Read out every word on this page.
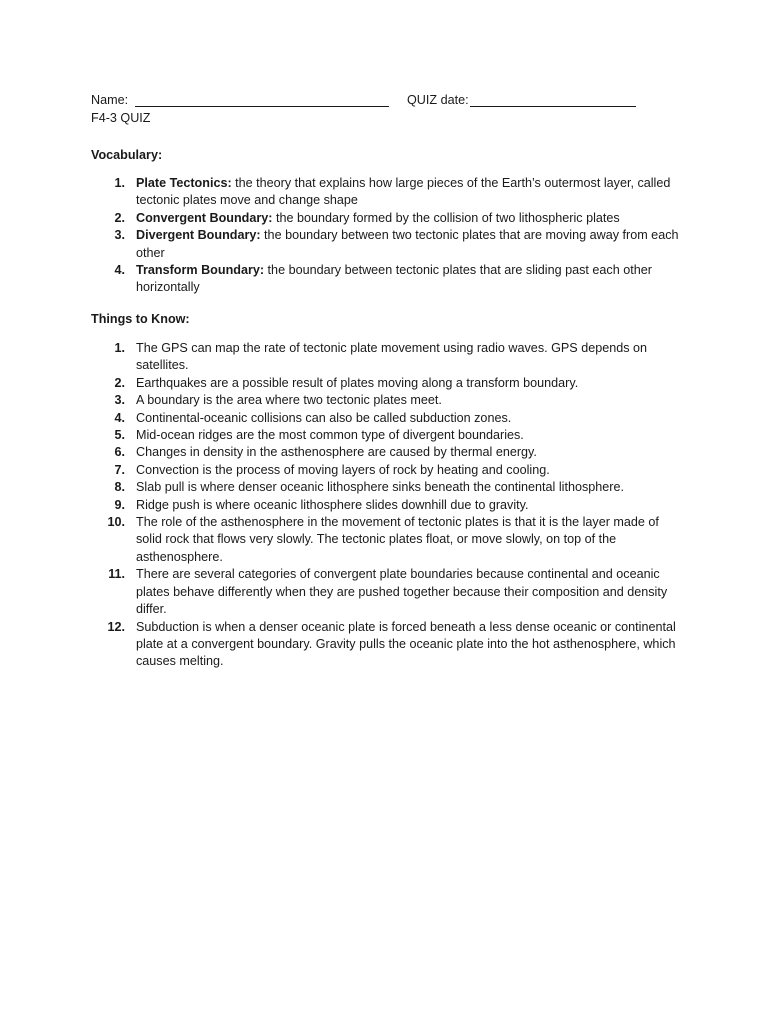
Name:	QUIZ date:
F4-3 QUIZ
Vocabulary:
1. Plate Tectonics: the theory that explains how large pieces of the Earth’s outermost layer, called tectonic plates move and change shape
2. Convergent Boundary: the boundary formed by the collision of two lithospheric plates
3. Divergent Boundary: the boundary between two tectonic plates that are moving away from each other
4. Transform Boundary: the boundary between tectonic plates that are sliding past each other horizontally
Things to Know:
1. The GPS can map the rate of tectonic plate movement using radio waves. GPS depends on satellites.
2. Earthquakes are a possible result of plates moving along a transform boundary.
3. A boundary is the area where two tectonic plates meet.
4. Continental-oceanic collisions can also be called subduction zones.
5. Mid-ocean ridges are the most common type of divergent boundaries.
6. Changes in density in the asthenosphere are caused by thermal energy.
7. Convection is the process of moving layers of rock by heating and cooling.
8. Slab pull is where denser oceanic lithosphere sinks beneath the continental lithosphere.
9. Ridge push is where oceanic lithosphere slides downhill due to gravity.
10. The role of the asthenosphere in the movement of tectonic plates is that it is the layer made of solid rock that flows very slowly. The tectonic plates float, or move slowly, on top of the asthenosphere.
11. There are several categories of convergent plate boundaries because continental and oceanic plates behave differently when they are pushed together because their composition and density differ.
12. Subduction is when a denser oceanic plate is forced beneath a less dense oceanic or continental plate at a convergent boundary. Gravity pulls the oceanic plate into the hot asthenosphere, which causes melting.
